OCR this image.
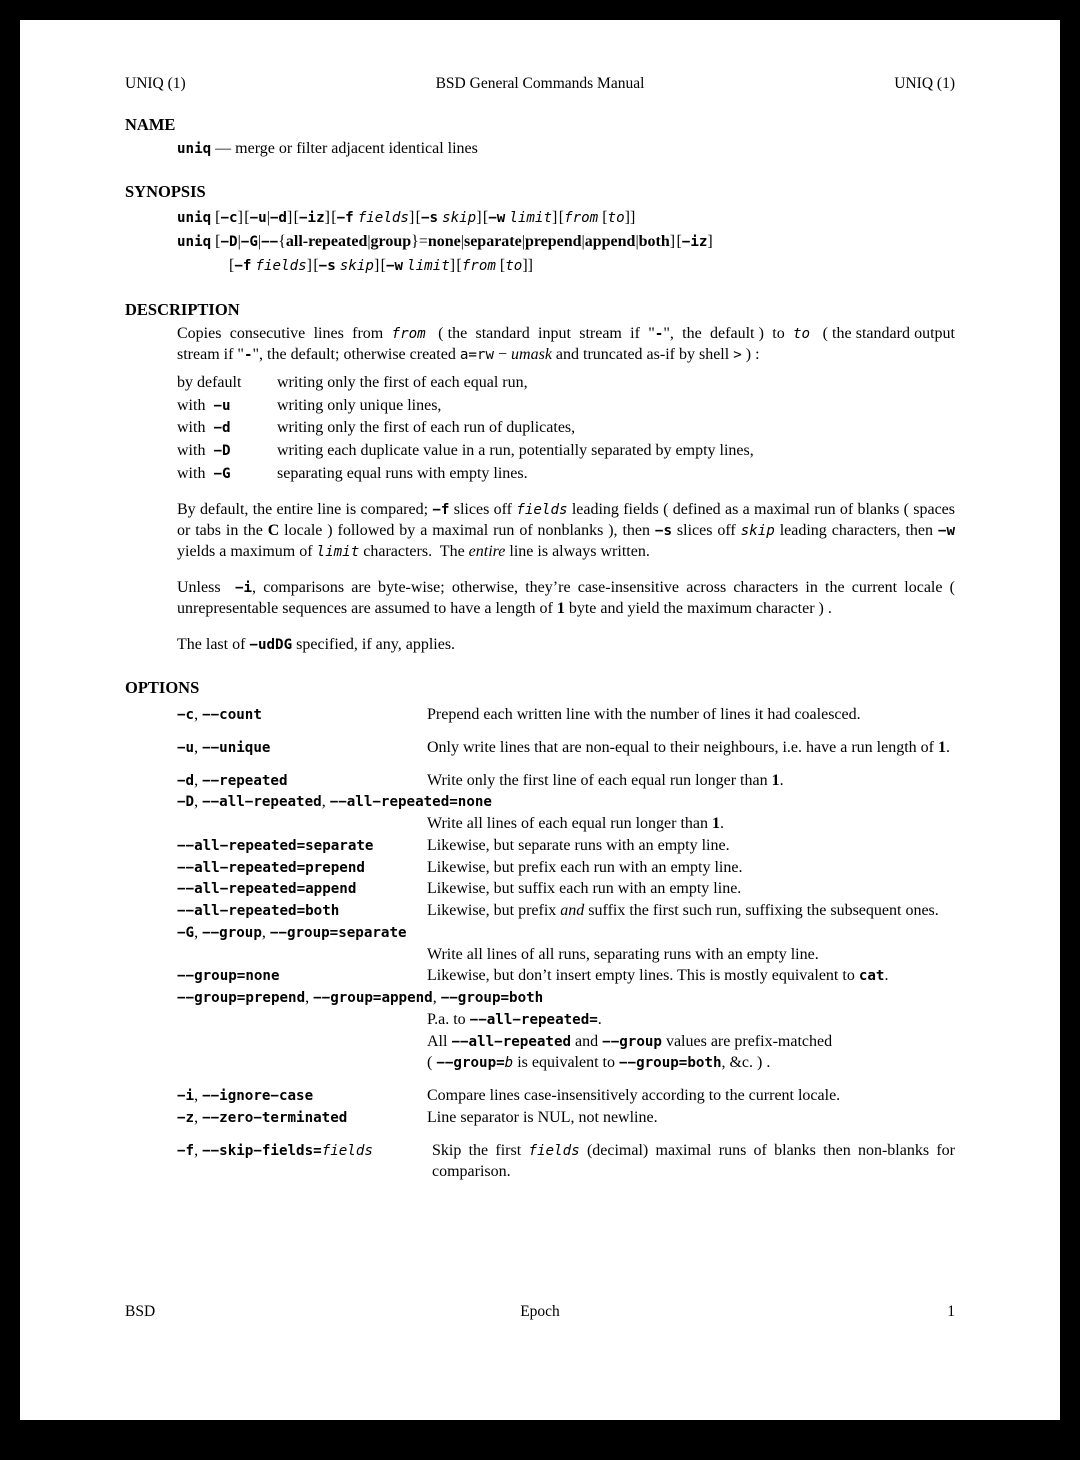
UNIQ (1)	BSD General Commands Manual	UNIQ (1)
NAME

uniq — merge or filter adjacent identical lines

SYNOPSIS
uniq [−c] [−u|−d] [−iz] [−f fields] [−s skip] [−w limit] [from [to]]
uniq [−D|−G|−−{all-repeated|group}=none|separate|prepend|append|both] [−iz]
[−f fields] [−s skip] [−w limit] [from [to]]
DESCRIPTION

Copies  consecutive  lines  from  from   ( the  standard  input  stream  if  "-",  the  default )  to  to   ( the standard output stream if "-", the default; otherwise created a=rw − umask and truncated as-if by shell > ) :

by default	writing only the first of each equal run,
with  −u	writing only unique lines,
with  −d	writing only the first of each run of duplicates,
with  −D	writing each duplicate value in a run, potentially separated by empty lines,
with  −G	separating equal runs with empty lines.

By default, the entire line is compared; −f slices off fields leading fields ( defined as a maximal run of blanks ( spaces or tabs in the C locale ) followed by a maximal run of nonblanks ), then −s slices off skip leading characters, then −w yields a maximum of limit characters.  The entire line is always written.

Unless  −i, comparisons are byte-wise; otherwise, they’re case-insensitive across characters in the current locale ( unrepresentable sequences are assumed to have a length of 1 byte and yield the maximum character ) .

The last of −udDG specified, if any, applies.

OPTIONS
−c, −−count	Prepend each written line with the number of lines it had coalesced.
−u, −−unique	Only write lines that are non-equal to their neighbours, i.e. have a run length of 1.
−d, −−repeated	Write only the first line of each equal run longer than 1.
−D, −−all−repeated, −−all−repeated=none
Write all lines of each equal run longer than 1.
−−all−repeated=separate	Likewise, but separate runs with an empty line.
−−all−repeated=prepend	Likewise, but prefix each run with an empty line.
−−all−repeated=append	Likewise, but suffix each run with an empty line.
−−all−repeated=both	Likewise, but prefix and suffix the first such run, suffixing the subsequent ones.
−G, −−group, −−group=separate
Write all lines of all runs, separating runs with an empty line.
−−group=none	Likewise, but don’t insert empty lines. This is mostly equivalent to cat.
−−group=prepend, −−group=append, −−group=both
P.a. to −−all−repeated=.
All −−all−repeated and −−group values are prefix-matched
( −−group=b is equivalent to −−group=both, &c. ) .
−i, −−ignore−case	Compare lines case-insensitively according to the current locale.
−z, −−zero−terminated	Line separator is NUL, not newline.
−f, −−skip−fields=fields	Skip the first fields (decimal) maximal runs of blanks then non-blanks for comparison.
BSD	Epoch	1
